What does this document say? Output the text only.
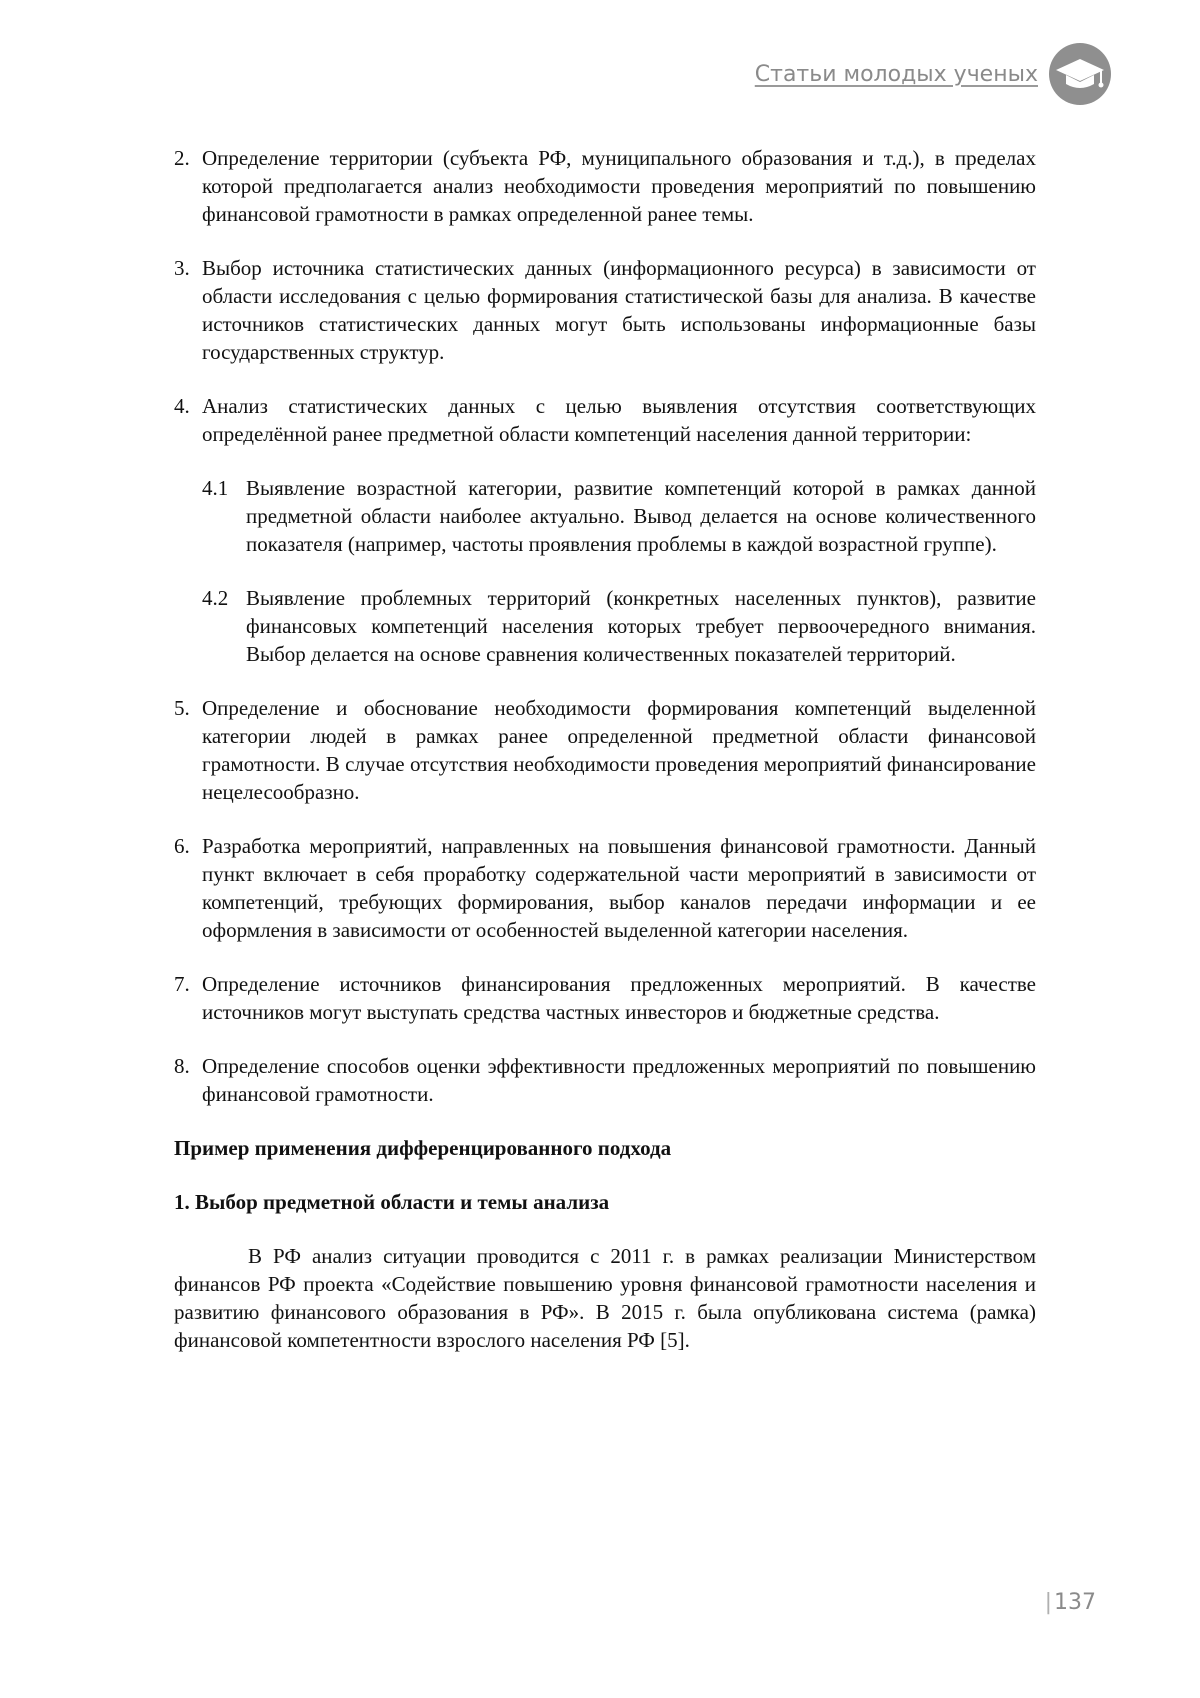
Статьи молодых ученых
2. Определение территории (субъекта РФ, муниципального образования и т.д.), в пределах которой предполагается анализ необходимости проведения мероприятий по повышению финансовой грамотности в рамках определенной ранее темы.
3. Выбор источника статистических данных (информационного ресурса) в зависимости от области исследования с целью формирования статистической базы для анализа. В качестве источников статистических данных могут быть использованы информационные базы государственных структур.
4. Анализ статистических данных с целью выявления отсутствия соответствующих определённой ранее предметной области компетенций населения данной территории:
4.1 Выявление возрастной категории, развитие компетенций которой в рамках данной предметной области наиболее актуально. Вывод делается на основе количественного показателя (например, частоты проявления проблемы в каждой возрастной группе).
4.2 Выявление проблемных территорий (конкретных населенных пунктов), развитие финансовых компетенций населения которых требует первоочередного внимания. Выбор делается на основе сравнения количественных показателей территорий.
5. Определение и обоснование необходимости формирования компетенций выделенной категории людей в рамках ранее определенной предметной области финансовой грамотности. В случае отсутствия необходимости проведения мероприятий финансирование нецелесообразно.
6. Разработка мероприятий, направленных на повышения финансовой грамотности. Данный пункт включает в себя проработку содержательной части мероприятий в зависимости от компетенций, требующих формирования, выбор каналов передачи информации и ее оформления в зависимости от особенностей выделенной категории населения.
7. Определение источников финансирования предложенных мероприятий. В качестве источников могут выступать средства частных инвесторов и бюджетные средства.
8. Определение способов оценки эффективности предложенных мероприятий по повышению финансовой грамотности.
Пример применения дифференцированного подхода
1. Выбор предметной области и темы анализа

В РФ анализ ситуации проводится с 2011 г. в рамках реализации Министерством финансов РФ проекта «Содействие повышению уровня финансовой грамотности населения и развитию финансового образования в РФ». В 2015 г. была опубликована система (рамка) финансовой компетентности взрослого населения РФ [5].

|137
